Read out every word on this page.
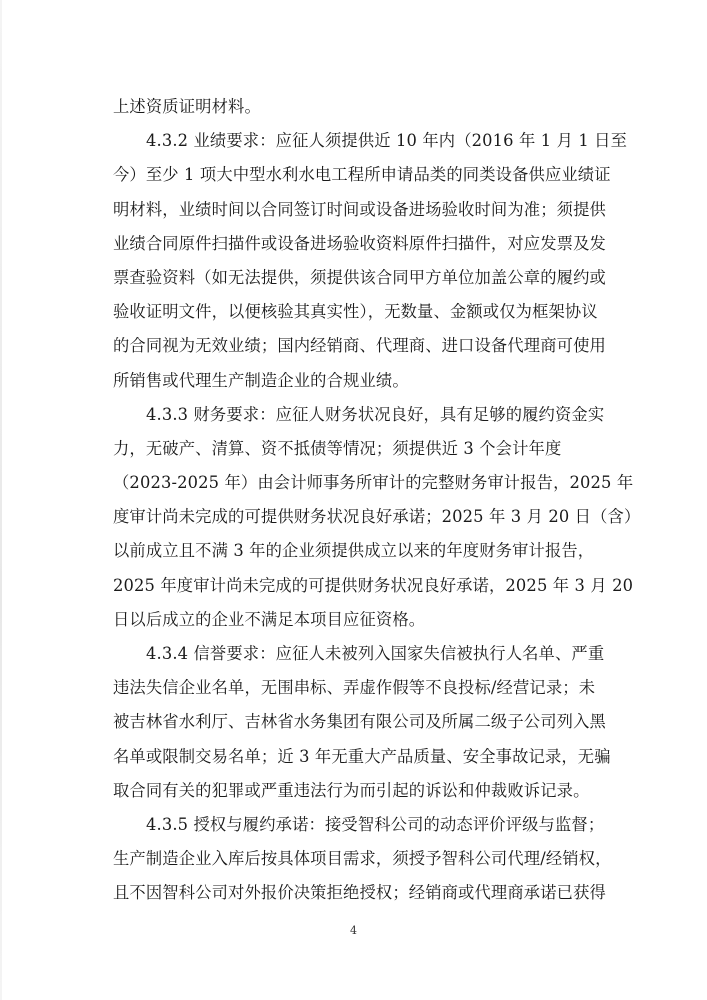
上述资质证明材料。

4.3.2 业绩要求：应征人须提供近 10 年内（2016 年 1 月 1 日至
今）至少 1 项大中型水利水电工程所申请品类的同类设备供应业绩证
明材料，业绩时间以合同签订时间或设备进场验收时间为准；须提供
业绩合同原件扫描件或设备进场验收资料原件扫描件，对应发票及发
票查验资料（如无法提供，须提供该合同甲方单位加盖公章的履约或
验收证明文件，以便核验其真实性），无数量、金额或仅为框架协议
的合同视为无效业绩；国内经销商、代理商、进口设备代理商可使用
所销售或代理生产制造企业的合规业绩。

4.3.3 财务要求：应征人财务状况良好，具有足够的履约资金实
力，无破产、清算、资不抵债等情况；须提供近 3 个会计年度
（2023-2025 年）由会计师事务所审计的完整财务审计报告，2025 年
度审计尚未完成的可提供财务状况良好承诺；2025 年 3 月 20 日（含）
以前成立且不满 3 年的企业须提供成立以来的年度财务审计报告，
2025 年度审计尚未完成的可提供财务状况良好承诺，2025 年 3 月 20
日以后成立的企业不满足本项目应征资格。

4.3.4 信誉要求：应征人未被列入国家失信被执行人名单、严重
违法失信企业名单，无围串标、弄虚作假等不良投标/经营记录；未
被吉林省水利厅、吉林省水务集团有限公司及所属二级子公司列入黑
名单或限制交易名单；近 3 年无重大产品质量、安全事故记录，无骗
取合同有关的犯罪或严重违法行为而引起的诉讼和仲裁败诉记录。

4.3.5 授权与履约承诺：接受智科公司的动态评价评级与监督；
生产制造企业入库后按具体项目需求，须授予智科公司代理/经销权，
且不因智科公司对外报价决策拒绝授权；经销商或代理商承诺已获得

4
